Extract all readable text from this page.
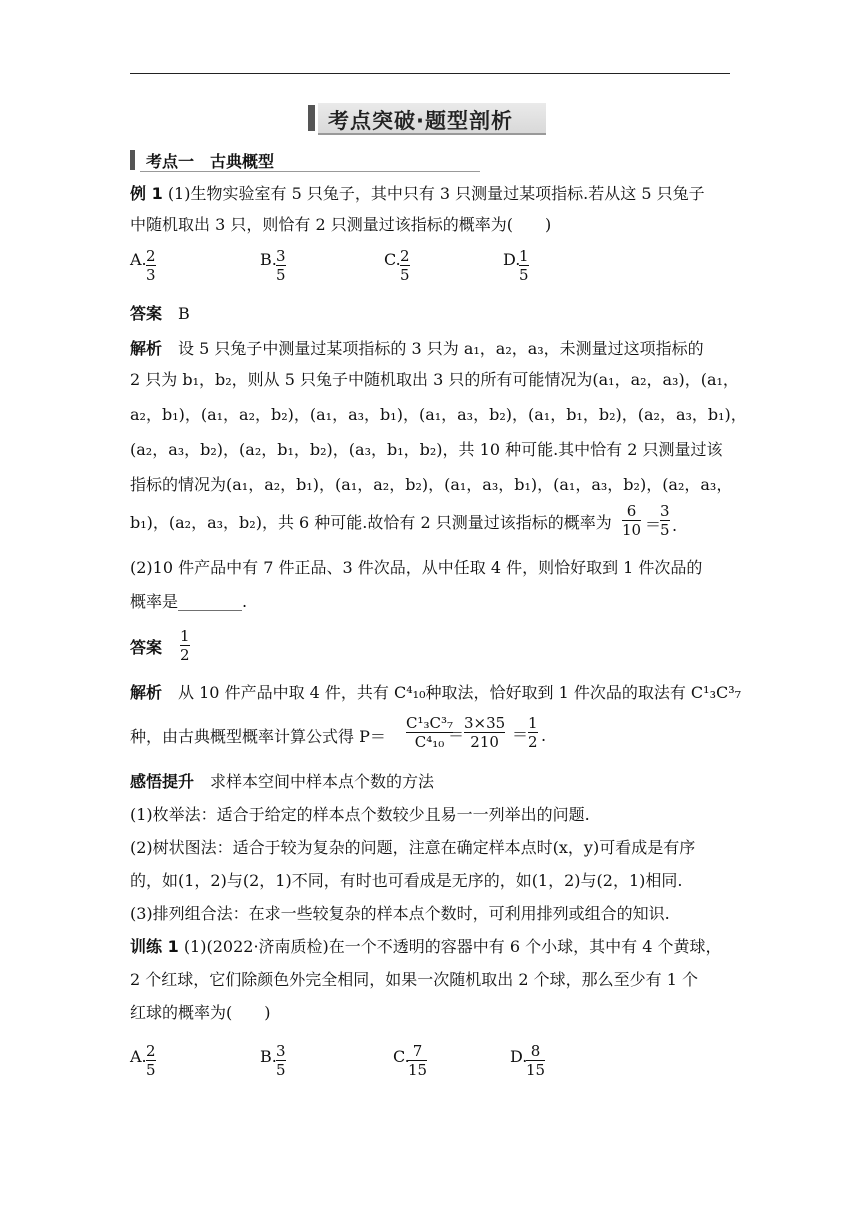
考点突破·题型剖析
考点一　古典概型
例 1 (1)生物实验室有 5 只兔子，其中只有 3 只测量过某项指标.若从这 5 只兔子
中随机取出 3 只，则恰有 2 只测量过该指标的概率为(　　)
A. $\frac{2}{3}$	B. $\frac{3}{5}$	C. $\frac{2}{5}$	D.
$\frac{1}{5}$
答案　 B
解析　 设 5 只兔子中测量过某项指标的 3 只为 a₁，a₂，a₃，未测量过这项指标的
2 只为 b₁，b₂，则从 5 只兔子中随机取出 3 只的所有可能情况为(a₁，a₂，a₃)，(a₁，
a₂，b₁)，(a₁，a₂，b₂)，(a₁，a₃，b₁)，(a₁，a₃，b₂)，(a₁，b₁，b₂)，(a₂，a₃，b₁)，
(a₂，a₃，b₂)，(a₂，b₁，b₂)，(a₃，b₁，b₂)，共 10 种可能.其中恰有 2 只测量过该
指标的情况为(a₁，a₂，b₁)，(a₁，a₂，b₂)，(a₁，a₃，b₁)，(a₁，a₃，b₂)，(a₂，a₃，
b₁)，(a₂，a₃，b₂)，共 6 种可能.故恰有 2 只测量过该指标的概率为 $\frac{6}{10}$ ＝
$\frac{3}{5}$ .
(2)10 件产品中有 7 件正品、3 件次品，从中任取 4 件，则恰好取到 1 件次品的
概率是________.
答案	$\frac{1}{2}$
解析　 从 10 件产品中取 4 件，共有 C⁴₁₀种取法，恰好取到 1 件次品的取法有 C¹₃C³₇
种，由古典概型概率计算公式得 P＝	$\frac{\text{C¹₃C³₇}}{\text{C⁴₁₀}}$
＝ $\frac{3\times 35}{210} = \frac{1}{2}$ .
感悟提升　 求样本空间中样本点个数的方法
(1)枚举法：适合于给定的样本点个数较少且易一一列举出的问题.
(2)树状图法：适合于较为复杂的问题，注意在确定样本点时(x，y)可看成是有序
的，如(1，2)与(2，1)不同，有时也可看成是无序的，如(1，2)与(2，1)相同.
(3)排列组合法：在求一些较复杂的样本点个数时，可利用排列或组合的知识.
训练 1 (1)(2022·济南质检)在一个不透明的容器中有 6 个小球，其中有 4 个黄球，
2 个红球，它们除颜色外完全相同，如果一次随机取出 2 个球，那么至少有 1 个
红球的概率为(　　)
A. $\frac{2}{5}$	B. $\frac{3}{5}$	C.
$\frac{7}{15}$	D.
$\frac{8}{15}$
